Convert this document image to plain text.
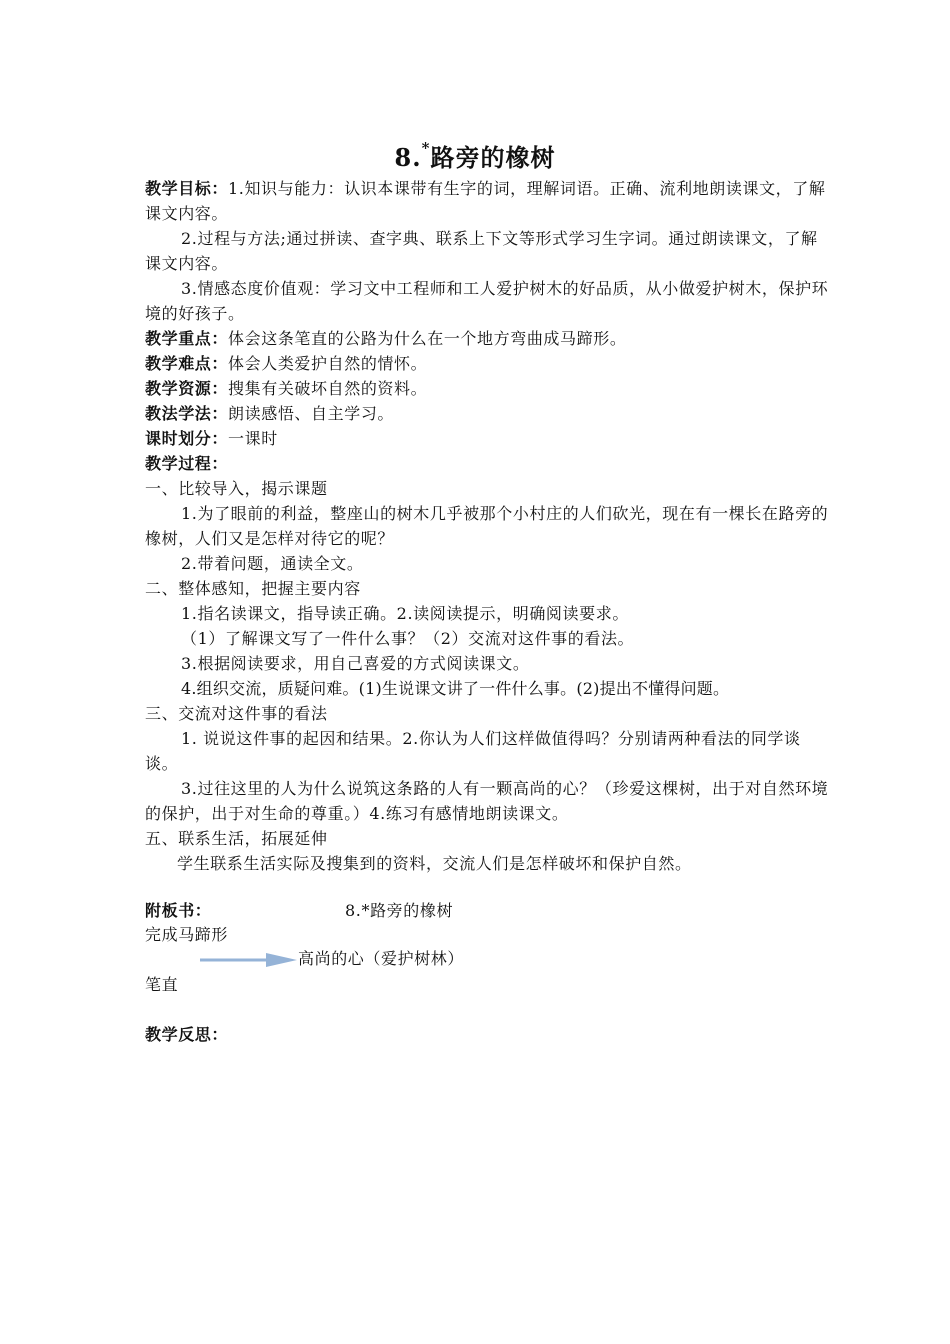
8.*路旁的橡树

教学目标：1.知识与能力：认识本课带有生字的词，理解词语。正确、流利地朗读课文，了解课文内容。

2.过程与方法;通过拼读、查字典、联系上下文等形式学习生字词。通过朗读课文，了解课文内容。

3.情感态度价值观：学习文中工程师和工人爱护树木的好品质，从小做爱护树木，保护环境的好孩子。

教学重点：体会这条笔直的公路为什么在一个地方弯曲成马蹄形。

教学难点：体会人类爱护自然的情怀。

教学资源：搜集有关破坏自然的资料。

教法学法：朗读感悟、自主学习。

课时划分：一课时

教学过程：

一、比较导入，揭示课题

1.为了眼前的利益，整座山的树木几乎被那个小村庄的人们砍光，现在有一棵长在路旁的橡树，人们又是怎样对待它的呢？

2.带着问题，通读全文。

二、整体感知，把握主要内容

1.指名读课文，指导读正确。2.读阅读提示，明确阅读要求。

（1）了解课文写了一件什么事？（2）交流对这件事的看法。

3.根据阅读要求，用自己喜爱的方式阅读课文。

4.组织交流，质疑问难。(1)生说课文讲了一件什么事。(2)提出不懂得问题。

三、交流对这件事的看法

1. 说说这件事的起因和结果。2.你认为人们这样做值得吗？分别请两种看法的同学谈谈。

3.过往这里的人为什么说筑这条路的人有一颗高尚的心？（珍爱这棵树，出于对自然环境的保护，出于对生命的尊重。）4.练习有感情地朗读课文。

五、联系生活，拓展延伸

学生联系生活实际及搜集到的资料，交流人们是怎样破坏和保护自然。

附板书：	8.*路旁的橡树
完成马蹄形
高尚的心（爱护树林）
笔直
教学反思：
